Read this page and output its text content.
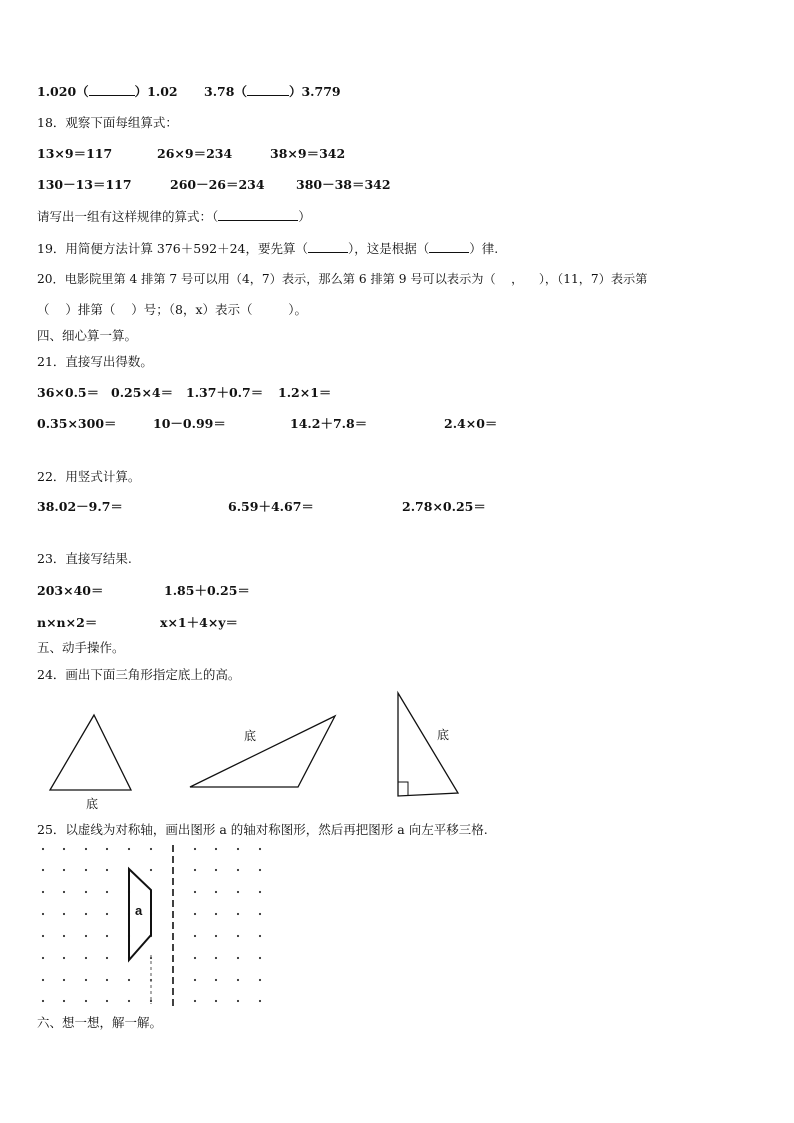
1.020（	）1.02 3.78（	）3.779
18．观察下面每组算式：
13×9＝117	26×9＝234	38×9＝342
130－13＝117	260－26＝234	380－38＝342
请写出一组有这样规律的算式：（	）
19．用简便方法计算 376＋592＋24，要先算（	），这是根据（	）律.
20．电影院里第 4 排第 7 号可以用（4，7）表示，那么第 6 排第 9 号可以表示为（    ，    ），（11，7）表示第
（    ）排第（    ）号；（8，x）表示（         ）。
四、细心算一算。
21．直接写出得数。
36×0.5＝ 0.25×4＝ 1.37＋0.7＝ 1.2×1＝
0.35×300＝	10－0.99＝	14.2＋7.8＝	2.4×0＝
22．用竖式计算。
38.02－9.7＝	6.59＋4.67＝	2.78×0.25＝
23．直接写结果.
203×40＝	1.85＋0.25＝
n×n×2＝	x×1＋4×y＝
五、动手操作。
24．画出下面三角形指定底上的高。
底
底	底
25．以虚线为对称轴，画出图形 a 的轴对称图形，然后再把图形 a 向左平移三格.
a
六、想一想，解一解。
